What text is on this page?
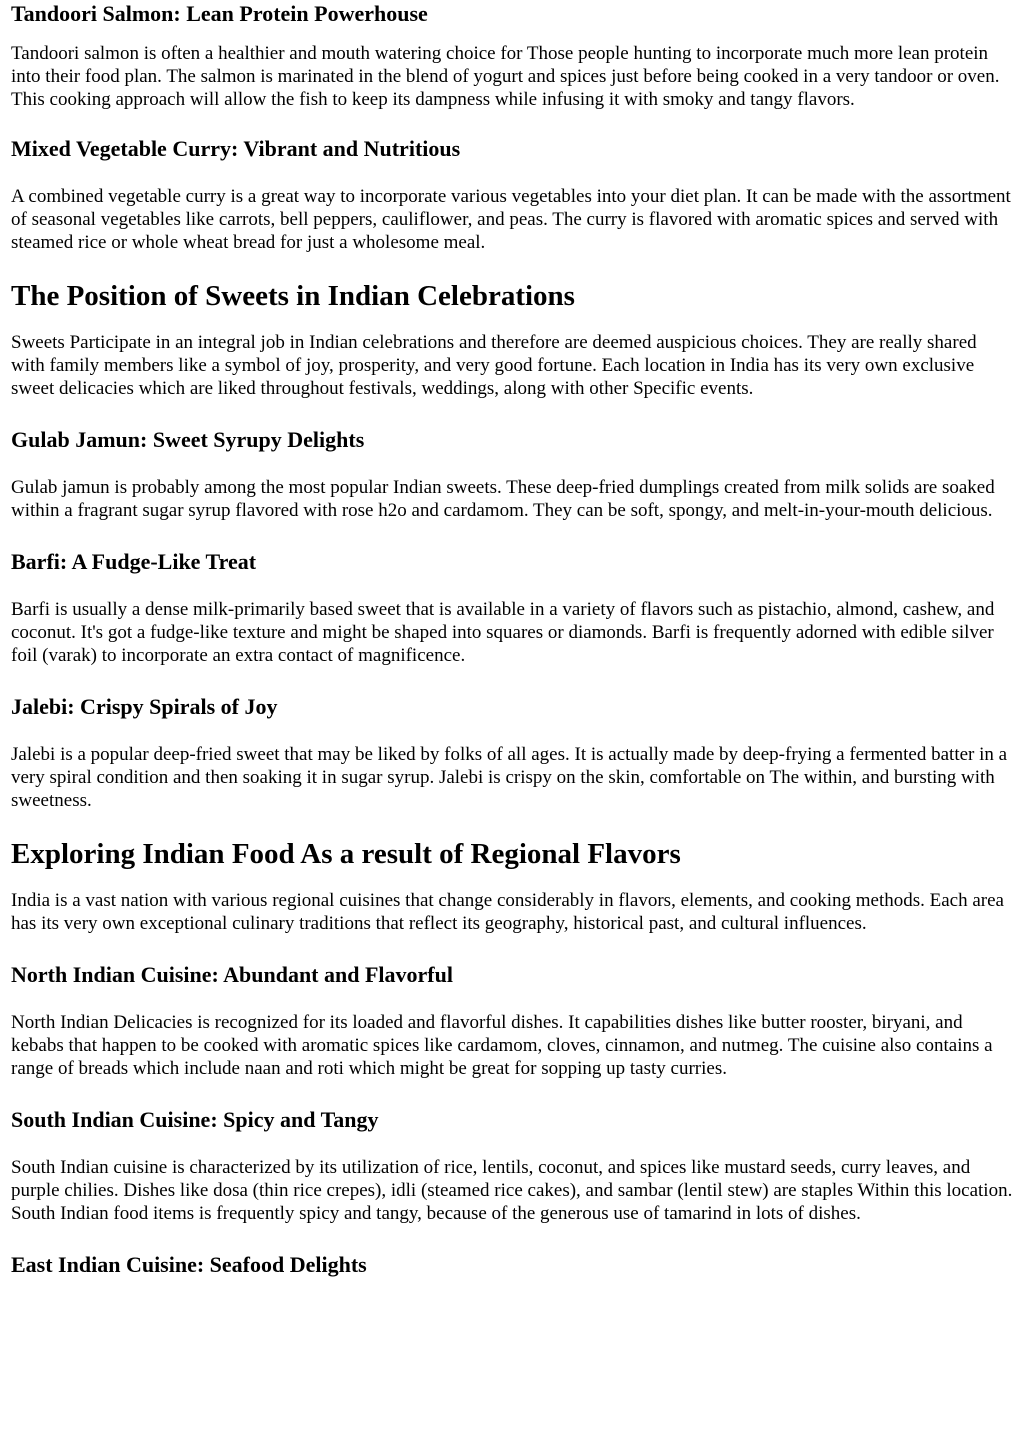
Tandoori Salmon: Lean Protein Powerhouse

Tandoori salmon is often a healthier and mouth watering choice for Those people hunting to incorporate much more lean protein into their food plan. The salmon is marinated in the blend of yogurt and spices just before being cooked in a very tandoor or oven. This cooking approach will allow the fish to keep its dampness while infusing it with smoky and tangy flavors.

Mixed Vegetable Curry: Vibrant and Nutritious

A combined vegetable curry is a great way to incorporate various vegetables into your diet plan. It can be made with the assortment of seasonal vegetables like carrots, bell peppers, cauliflower, and peas. The curry is flavored with aromatic spices and served with steamed rice or whole wheat bread for just a wholesome meal.

The Position of Sweets in Indian Celebrations

Sweets Participate in an integral job in Indian celebrations and therefore are deemed auspicious choices. They are really shared with family members like a symbol of joy, prosperity, and very good fortune. Each location in India has its very own exclusive sweet delicacies which are liked throughout festivals, weddings, along with other Specific events.

Gulab Jamun: Sweet Syrupy Delights

Gulab jamun is probably among the most popular Indian sweets. These deep-fried dumplings created from milk solids are soaked within a fragrant sugar syrup flavored with rose h2o and cardamom. They can be soft, spongy, and melt-in-your-mouth delicious.

Barfi: A Fudge-Like Treat

Barfi is usually a dense milk-primarily based sweet that is available in a variety of flavors such as pistachio, almond, cashew, and coconut. It's got a fudge-like texture and might be shaped into squares or diamonds. Barfi is frequently adorned with edible silver foil (varak) to incorporate an extra contact of magnificence.

Jalebi: Crispy Spirals of Joy

Jalebi is a popular deep-fried sweet that may be liked by folks of all ages. It is actually made by deep-frying a fermented batter in a very spiral condition and then soaking it in sugar syrup. Jalebi is crispy on the skin, comfortable on The within, and bursting with sweetness.

Exploring Indian Food As a result of Regional Flavors

India is a vast nation with various regional cuisines that change considerably in flavors, elements, and cooking methods. Each area has its very own exceptional culinary traditions that reflect its geography, historical past, and cultural influences.

North Indian Cuisine: Abundant and Flavorful

North Indian Delicacies is recognized for its loaded and flavorful dishes. It capabilities dishes like butter rooster, biryani, and kebabs that happen to be cooked with aromatic spices like cardamom, cloves, cinnamon, and nutmeg. The cuisine also contains a range of breads which include naan and roti which might be great for sopping up tasty curries.

South Indian Cuisine: Spicy and Tangy

South Indian cuisine is characterized by its utilization of rice, lentils, coconut, and spices like mustard seeds, curry leaves, and purple chilies. Dishes like dosa (thin rice crepes), idli (steamed rice cakes), and sambar (lentil stew) are staples Within this location. South Indian food items is frequently spicy and tangy, because of the generous use of tamarind in lots of dishes.

East Indian Cuisine: Seafood Delights
